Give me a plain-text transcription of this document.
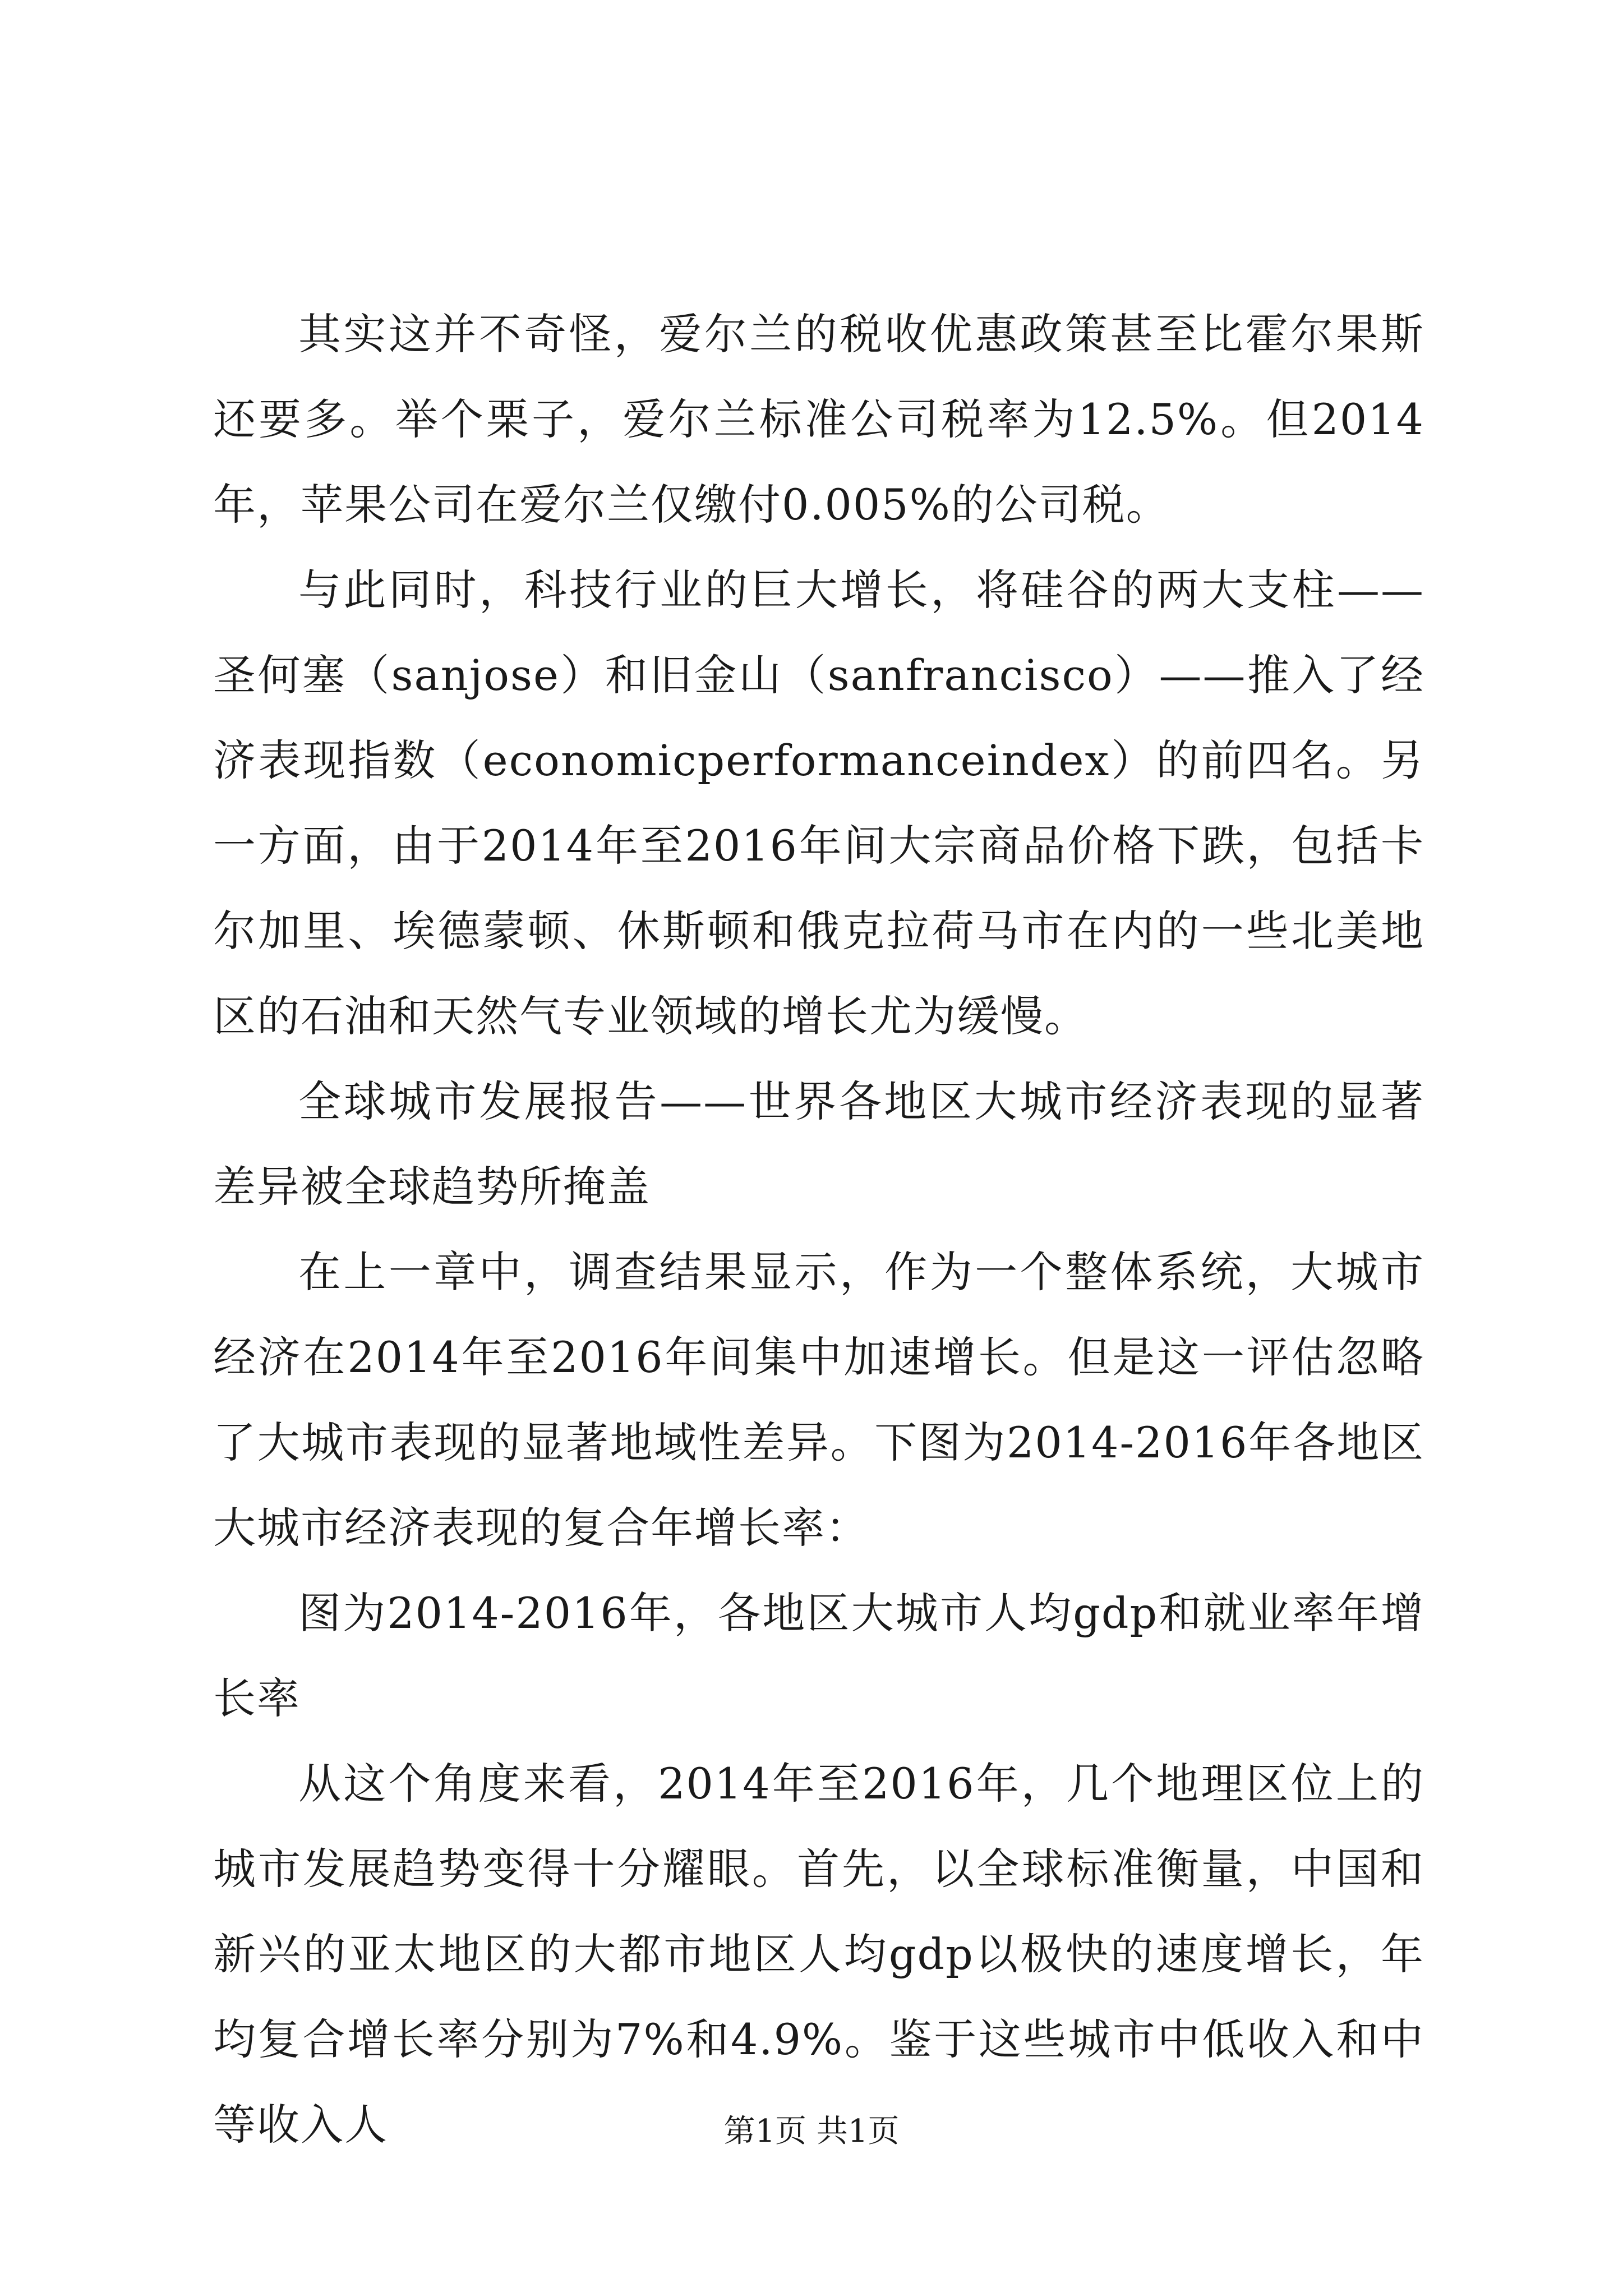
其实这并不奇怪，爱尔兰的税收优惠政策甚至比霍尔果斯还要多。举个栗子，爱尔兰标准公司税率为12.5%。但2014年，苹果公司在爱尔兰仅缴付0.005%的公司税。

与此同时，科技行业的巨大增长，将硅谷的两大支柱——圣何塞（sanjose）和旧金山（sanfrancisco）——推入了经济表现指数（economicperformanceindex）的前四名。另一方面，由于2014年至2016年间大宗商品价格下跌，包括卡尔加里、埃德蒙顿、休斯顿和俄克拉荷马市在内的一些北美地区的石油和天然气专业领域的增长尤为缓慢。

全球城市发展报告——世界各地区大城市经济表现的显著差异被全球趋势所掩盖

在上一章中，调查结果显示，作为一个整体系统，大城市经济在2014年至2016年间集中加速增长。但是这一评估忽略了大城市表现的显著地域性差异。下图为2014-2016年各地区大城市经济表现的复合年增长率：

图为2014-2016年，各地区大城市人均gdp和就业率年增长率

从这个角度来看，2014年至2016年，几个地理区位上的城市发展趋势变得十分耀眼。首先，以全球标准衡量，中国和新兴的亚太地区的大都市地区人均gdp以极快的速度增长，年均复合增长率分别为7%和4.9%。鉴于这些城市中低收入和中等收入人	第1页 共1页
